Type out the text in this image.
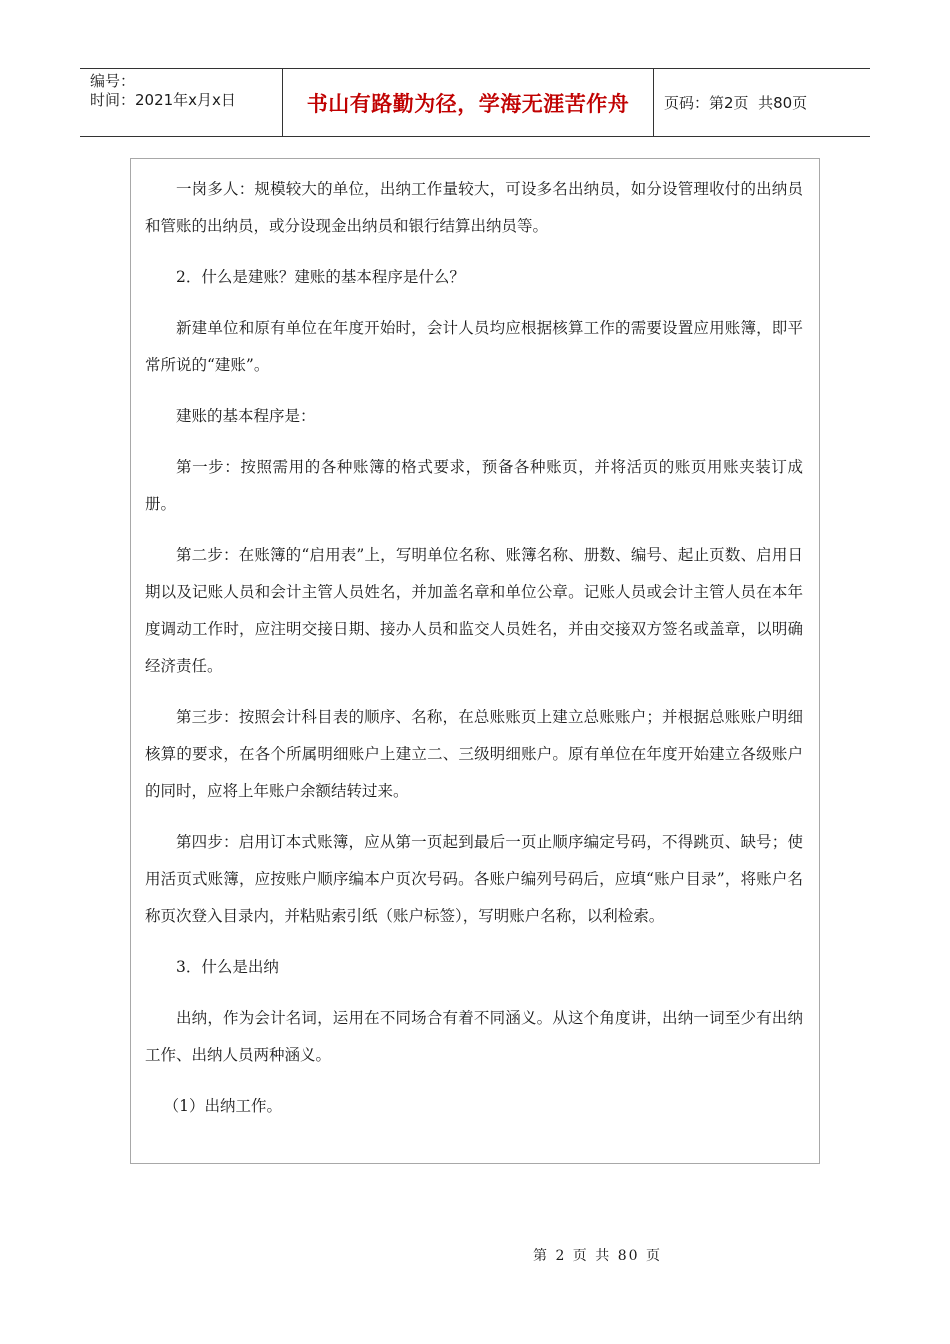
编号：
时间：2021年x月x日	书山有路勤为径，学海无涯苦作舟	页码：第2页  共80页

一岗多人：规模较大的单位，出纳工作量较大，可设多名出纳员，如分设管理收付的出纳员和管账的出纳员，或分设现金出纳员和银行结算出纳员等。

2．什么是建账？建账的基本程序是什么？

新建单位和原有单位在年度开始时，会计人员均应根据核算工作的需要设置应用账簿，即平常所说的“建账”。

建账的基本程序是：

第一步：按照需用的各种账簿的格式要求，预备各种账页，并将活页的账页用账夹装订成册。

第二步：在账簿的“启用表”上，写明单位名称、账簿名称、册数、编号、起止页数、启用日期以及记账人员和会计主管人员姓名，并加盖名章和单位公章。记账人员或会计主管人员在本年度调动工作时，应注明交接日期、接办人员和监交人员姓名，并由交接双方签名或盖章，以明确经济责任。

第三步：按照会计科目表的顺序、名称，在总账账页上建立总账账户；并根据总账账户明细核算的要求，在各个所属明细账户上建立二、三级明细账户。原有单位在年度开始建立各级账户的同时，应将上年账户余额结转过来。

第四步：启用订本式账簿，应从第一页起到最后一页止顺序编定号码，不得跳页、缺号；使用活页式账簿，应按账户顺序编本户页次号码。各账户编列号码后，应填“账户目录”，将账户名称页次登入目录内，并粘贴索引纸（账户标签），写明账户名称，以利检索。

3．什么是出纳

出纳，作为会计名词，运用在不同场合有着不同涵义。从这个角度讲，出纳一词至少有出纳工作、出纳人员两种涵义。

（1）出纳工作。

第 2 页 共 80 页
